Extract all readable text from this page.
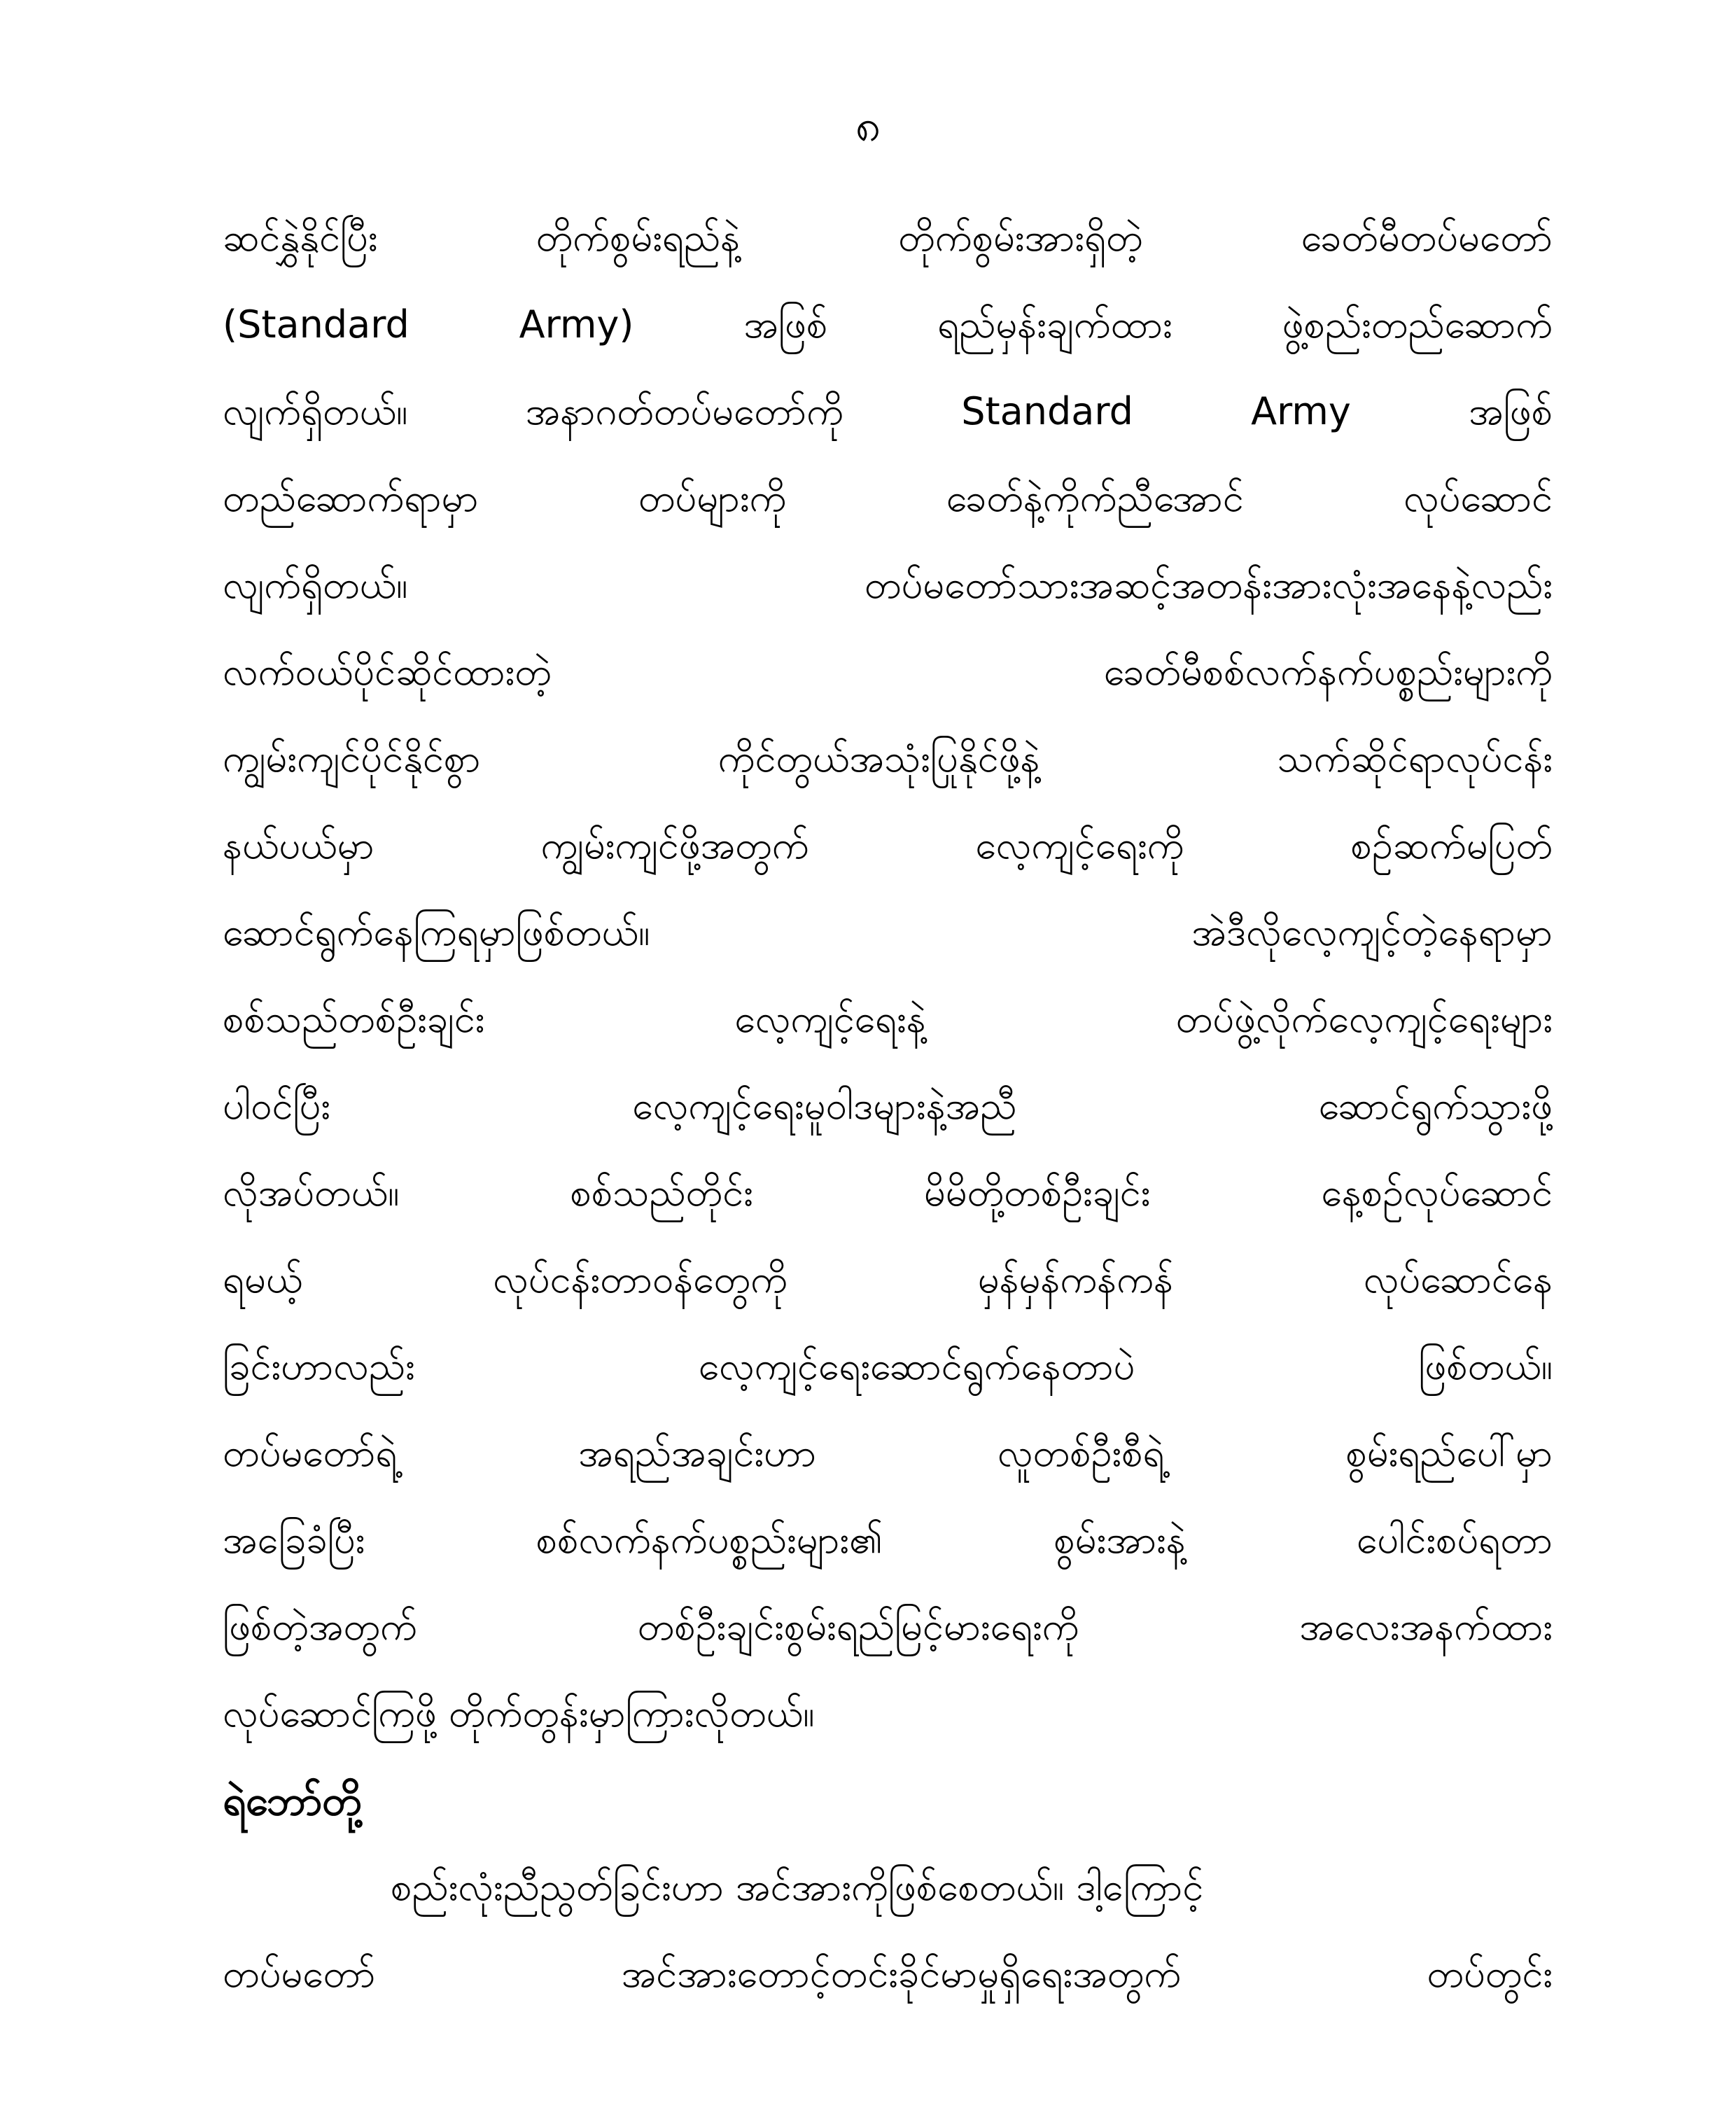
၈
ဆင်နွှဲနိုင်ပြီး တိုက်စွမ်းရည်နဲ့ တိုက်စွမ်းအားရှိတဲ့ ခေတ်မီတပ်မတော်
(Standard Army) အဖြစ် ရည်မှန်းချက်ထား ဖွဲ့စည်းတည်ဆောက်
လျက်ရှိတယ်။ အနာဂတ်တပ်မတော်ကို Standard Army အဖြစ်
တည်ဆောက်ရာမှာ တပ်များကို ခေတ်နဲ့ကိုက်ညီအောင် လုပ်ဆောင်
လျက်ရှိတယ်။ တပ်မတော်သားအဆင့်အတန်းအားလုံးအနေနဲ့လည်း
လက်ဝယ်ပိုင်ဆိုင်ထားတဲ့ ခေတ်မီစစ်လက်နက်ပစ္စည်းများကို
ကျွမ်းကျင်ပိုင်နိုင်စွာ ကိုင်တွယ်အသုံးပြုနိုင်ဖို့နဲ့ သက်ဆိုင်ရာလုပ်ငန်း
နယ်ပယ်မှာ ကျွမ်းကျင်ဖို့အတွက် လေ့ကျင့်ရေးကို စဉ်ဆက်မပြတ်
ဆောင်ရွက်နေကြရမှာဖြစ်တယ်။ အဲဒီလိုလေ့ကျင့်တဲ့နေရာမှာ
စစ်သည်တစ်ဦးချင်း လေ့ကျင့်ရေးနဲ့ တပ်ဖွဲ့လိုက်လေ့ကျင့်ရေးများ
ပါဝင်ပြီး လေ့ကျင့်ရေးမူဝါဒများနဲ့အညီ ဆောင်ရွက်သွားဖို့
လိုအပ်တယ်။ စစ်သည်တိုင်း မိမိတို့တစ်ဦးချင်း နေ့စဉ်လုပ်ဆောင်
ရမယ့် လုပ်ငန်းတာဝန်တွေကို မှန်မှန်ကန်ကန် လုပ်ဆောင်နေ
ခြင်းဟာလည်း လေ့ကျင့်ရေးဆောင်ရွက်နေတာပဲ ဖြစ်တယ်။
တပ်မတော်ရဲ့ အရည်အချင်းဟာ လူတစ်ဦးစီရဲ့ စွမ်းရည်ပေါ်မှာ
အခြေခံပြီး စစ်လက်နက်ပစ္စည်းများ၏ စွမ်းအားနဲ့ ပေါင်းစပ်ရတာ
ဖြစ်တဲ့အတွက် တစ်ဦးချင်းစွမ်းရည်မြင့်မားရေးကို အလေးအနက်ထား
လုပ်ဆောင်ကြဖို့ တိုက်တွန်းမှာကြားလိုတယ်။
ရဲဘော်တို့
စည်းလုံးညီညွတ်ခြင်းဟာ အင်အားကိုဖြစ်စေတယ်။ ဒါ့ကြောင့်
တပ်မတော် အင်အားတောင့်တင်းခိုင်မာမှုရှိရေးအတွက် တပ်တွင်း
